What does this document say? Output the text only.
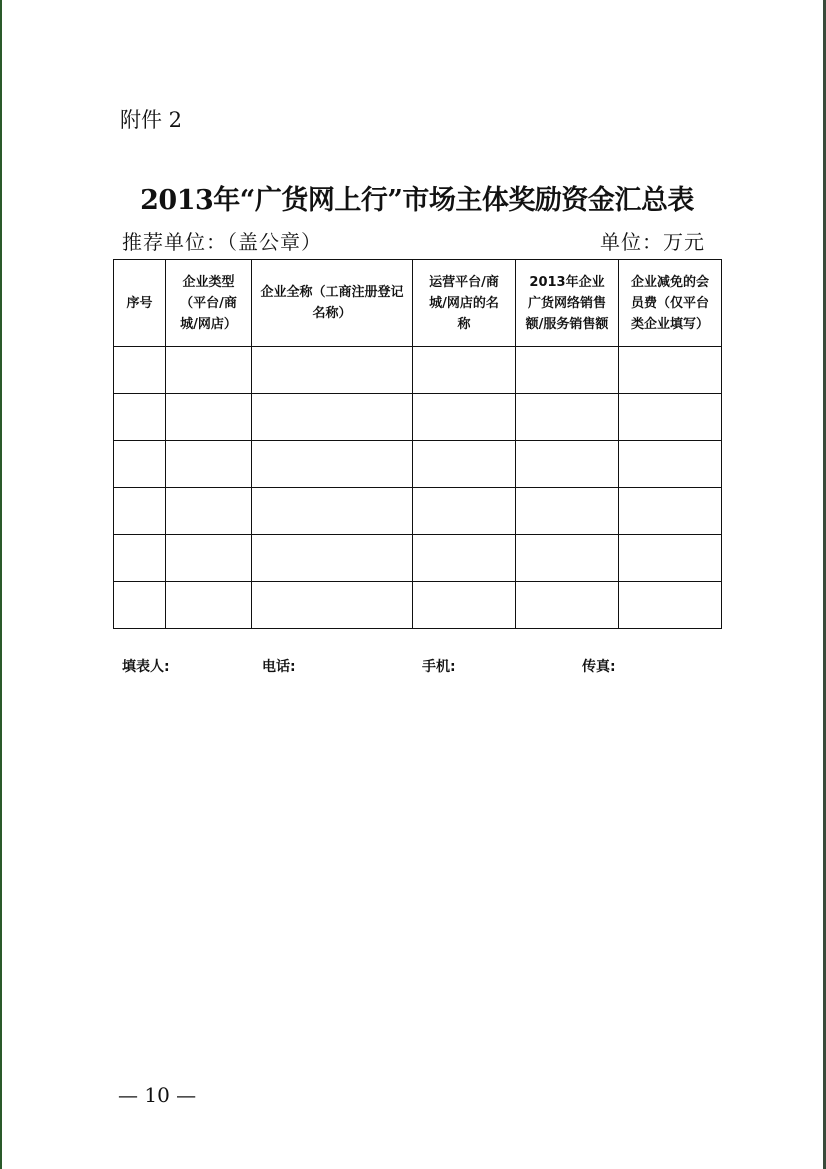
附件 2
2013年“广货网上行”市场主体奖励资金汇总表
推荐单位：（盖公章）	单位：万元
序号	企业类型（平台/商城/网店）	企业全称（工商注册登记名称）	运营平台/商城/网店的名称	2013年企业广货网络销售额/服务销售额	企业减免的会员费（仅平台类企业填写）

填表人:	电话:	手机:	传真:
— 10 —
